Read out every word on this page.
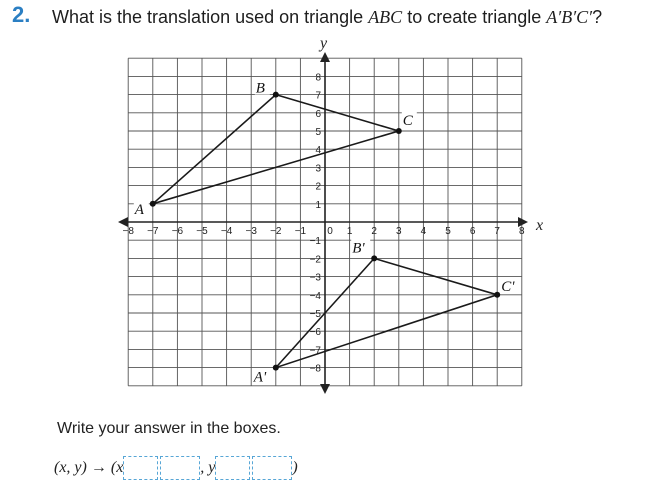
2. What is the translation used on triangle ABC to create triangle A′B′C′?
x
y
−8 −7 −6 −5 −4 −3 −2 −1 0 1 2 3 4 5 6 7 8
−8
−7
−6
−5
−4
−3
−2
−1
1
2
3
4
5
6
7
8
A
B
C
A'
B'
C'
Write your answer in the boxes.
(x, y) → (x	, y	)
